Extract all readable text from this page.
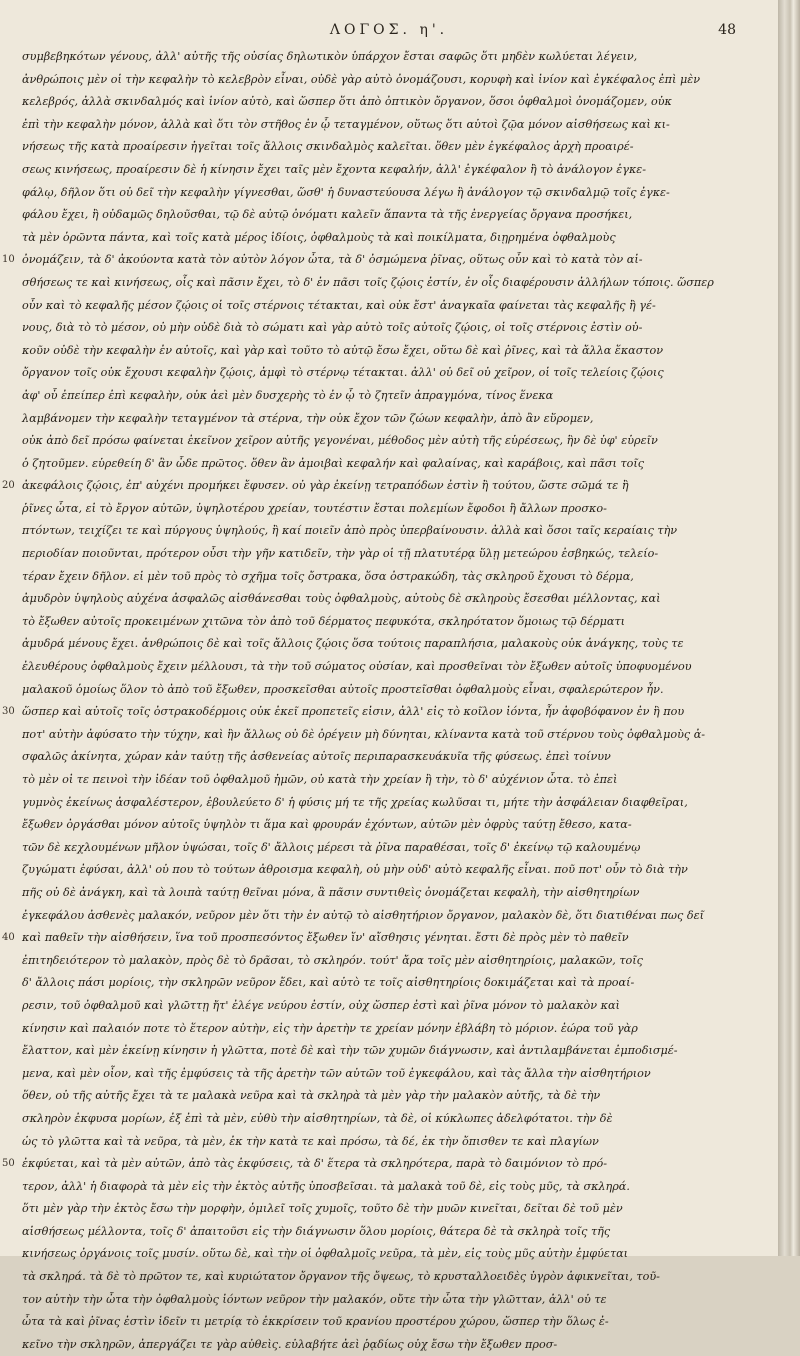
ΛΟΓΟΣ. η'.	48
συμβεβηκότων γένους, ἀλλ' αὐτῆς τῆς οὐσίας δηλωτικὸν ὑπάρχον ἔσται σαφῶς ὅτι μηδὲν κωλύεται λέγειν,
ἀνθρώποις μὲν οἱ τὴν κεφαλὴν τὸ κελεβρὸν εἶναι, οὐδὲ γὰρ αὐτὸ ὀνομάζουσι, κορυφὴ καὶ ἰνίον καὶ ἐγκέφαλος ἐπὶ μὲν
κελεβρός, ἀλλὰ σκινδαλμός καὶ ἰνίον αὐτὸ, καὶ ὥσπερ ὅτι ἀπὸ ὀπτικὸν ὄργανον, ὅσοι ὀφθαλμοὶ ὀνομάζομεν, οὐκ
ἐπὶ τὴν κεφαλὴν μόνον, ἀλλὰ καὶ ὅτι τὸν στῆθος ἐν ᾧ τεταγμένον, οὕτως ὅτι αὐτοὶ ζῷα μόνον αἰσθήσεως καὶ κι-
νήσεως τῆς κατὰ προαίρεσιν ἡγεῖται τοῖς ἄλλοις σκινδαλμὸς καλεῖται. ὅθεν μὲν ἐγκέφαλος ἀρχὴ προαιρέ-
σεως κινήσεως, προαίρεσιν δὲ ἡ κίνησιν ἔχει ταῖς μὲν ἔχοντα κεφαλήν, ἀλλ' ἐγκέφαλον ἢ τὸ ἀνάλογον ἐγκε-
φάλῳ, δῆλον ὅτι οὐ δεῖ τὴν κεφαλὴν γίγνεσθαι, ὥσθ' ἡ δυναστεύουσα λέγω ἢ ἀνάλογον τῷ σκινδαλμῷ τοῖς ἐγκε-
φάλου ἔχει, ἢ οὐδαμῶς δηλοῦσθαι, τῷ δὲ αὐτῷ ὀνόματι καλεῖν ἅπαντα τὰ τῆς ἐνεργείας ὄργανα προσήκει,
τὰ μὲν ὁρῶντα πάντα, καὶ τοῖς κατὰ μέρος ἰδίοις, ὀφθαλμοὺς τὰ καὶ ποικίλματα, διῃρημένα ὀφθαλμοὺς
ὀνομάζειν, τὰ δ' ἀκούοντα κατὰ τὸν αὐτὸν λόγον ὦτα, τὰ δ' ὀσμώμενα ῥῖνας, οὕτως οὖν καὶ τὸ κατὰ τὸν αἰ-
σθήσεως τε καὶ κινήσεως, οἷς καὶ πᾶσιν ἔχει, τὸ δ' ἐν πᾶσι τοῖς ζῴοις ἐστίν, ἐν οἷς διαφέρουσιν ἀλλήλων τόποις. ὥσπερ
οὖν καὶ τὸ κεφαλῆς μέσον ζῴοις οἱ τοῖς στέρνοις τέτακται, καὶ οὐκ ἔστ' ἀναγκαῖα φαίνεται τὰς κεφαλῆς ἢ γέ-
νους, διὰ τὸ τὸ μέσον, οὐ μὴν οὐδὲ διὰ τὸ σώματι καὶ γὰρ αὐτὸ τοῖς αὐτοῖς ζῴοις, οἱ τοῖς στέρνοις ἐστὶν οὐ-
κοῦν οὐδὲ τὴν κεφαλὴν ἐν αὐτοῖς, καὶ γὰρ καὶ τοῦτο τὸ αὐτῷ ἔσω ἔχει, οὕτω δὲ καὶ ῥῖνες, καὶ τὰ ἄλλα ἕκαστον
ὄργανον τοῖς οὐκ ἔχουσι κεφαλὴν ζῴοις, ἀμφὶ τὸ στέρνῳ τέτακται. ἀλλ' οὐ δεῖ οὐ χεῖρον, οἱ τοῖς τελείοις ζῴοις
ἀφ' οὗ ἐπείπερ ἐπὶ κεφαλὴν, οὐκ ἀεὶ μὲν δυσχερὴς τὸ ἐν ᾧ τὸ ζητεῖν ἀπραγμόνα, τίνος ἕνεκα
λαμβάνομεν τὴν κεφαλὴν τεταγμένον τὰ στέρνα, τὴν οὐκ ἔχον τῶν ζώων κεφαλὴν, ἀπὸ ἂν εὕρομεν,
οὐκ ἀπὸ δεῖ πρόσω φαίνεται ἐκεῖνον χεῖρον αὐτῆς γεγονέναι, μέθοδος μὲν αὐτὴ τῆς εὑρέσεως, ἣν δὲ ὑφ' εὑρεῖν
ὁ ζητοῦμεν. εὑρεθείη δ' ἂν ὧδε πρῶτος. ὅθεν ἂν ἀμοιβαὶ κεφαλήν καὶ φαλαίνας, καὶ καράβοις, καὶ πᾶσι τοῖς
ἀκεφάλοις ζῴοις, ἐπ' αὐχένι προμήκει ἔφυσεν. οὐ γὰρ ἐκείνῃ τετραπόδων ἐστὶν ἢ τούτου, ὥστε σῶμά τε ἢ
ῥῖνες ὦτα, εἰ τὸ ἔργον αὐτῶν, ὑψηλοτέρου χρείαν, τουτέστιν ἔσται πολεμίων ἔφοδοι ἢ ἄλλων προσκο-
πτόντων, τειχίζει τε καὶ πύργους ὑψηλούς, ἢ καί ποιεῖν ἀπὸ πρὸς ὑπερβαίνουσιν. ἀλλὰ καὶ ὅσοι ταῖς κεραίαις τὴν
περιοδίαν ποιοῦνται, πρότερον οὖσι τὴν γῆν κατιδεῖν, τὴν γὰρ οἱ τῇ πλατυτέρᾳ ὕλῃ μετεώρου ἐσβηκώς, τελείο-
τέραν ἔχειν δῆλον. εἰ μὲν τοῦ πρὸς τὸ σχῆμα τοῖς ὄστρακα, ὅσα ὀστρακώδη, τὰς σκληροῦ ἔχουσι τὸ δέρμα,
ἀμυδρὸν ὑψηλοὺς αὐχένα ἀσφαλῶς αἰσθάνεσθαι τοὺς ὀφθαλμοὺς, αὐτοὺς δὲ σκληροὺς ἔσεσθαι μέλλοντας, καὶ
τὸ ἔξωθεν αὐτοῖς προκειμένων χιτῶνα τὸν ἀπὸ τοῦ δέρματος πεφυκότα, σκληρότατον ὅμοιως τῷ δέρματι
ἀμυδρά μένους ἔχει. ἀνθρώποις δὲ καὶ τοῖς ἄλλοις ζῴοις ὅσα τούτοις παραπλήσια, μαλακοὺς οὐκ ἀνάγκης, τοὺς τε
ἐλευθέρους ὀφθαλμοὺς ἔχειν μέλλουσι, τὰ τὴν τοῦ σώματος οὐσίαν, καὶ προσθεῖναι τὸν ἔξωθεν αὐτοῖς ὑποφυομένου
μαλακοῦ ὁμοίως ὅλον τὸ ἀπὸ τοῦ ἔξωθεν, προσκεῖσθαι αὐτοῖς προστεῖσθαι ὀφθαλμοὺς εἶναι, σφαλερώτερον ἦν.
ὥσπερ καὶ αὐτοῖς τοῖς ὀστρακοδέρμοις οὐκ ἐκεῖ προπετεῖς εἰσιν, ἀλλ' εἰς τὸ κοῖλον ἰόντα, ἦν ἀφοβόφανον ἐν ἣ που
ποτ' αὐτὴν ἀφύσατο τὴν τύχην, καὶ ἣν ἄλλως οὐ δὲ ὀρέγειν μὴ δύνηται, κλίναντα κατὰ τοῦ στέρνου τοὺς ὀφθαλμοὺς ἀ-
σφαλῶς ἀκίνητα, χώραν κἀν ταύτῃ τῆς ἀσθενείας αὐτοῖς περιπαρασκευάκυῖα τῆς φύσεως. ἐπεὶ τοίνυν
τὸ μὲν οἱ τε πεινοὶ τὴν ἰδέαν τοῦ ὀφθαλμοῦ ἡμῶν, οὐ κατὰ τὴν χρείαν ἣ τὴν, τὸ δ' αὐχένιον ὦτα. τὸ ἐπεὶ
γυμνὸς ἐκείνως ἀσφαλέστερον, ἐβουλεύετο δ' ἡ φύσις μή τε τῆς χρείας κωλῦσαι τι, μήτε τὴν ἀσφάλειαν διαφθεῖραι,
ἔξωθεν ὀργάσθαι μόνον αὐτοῖς ὑψηλὸν τι ἅμα καὶ φρουράν ἐχόντων, αὐτῶν μὲν ὀφρὺς ταύτῃ ἔθεσο, κατα-
τῶν δὲ κεχλουμένων μῆλον ὑψώσαι, τοῖς δ' ἄλλοις μέρεσι τὰ ῥῖνα παραθέσαι, τοῖς δ' ἐκείνῳ τῷ καλουμένῳ
ζυγώματι ἐφύσαι, ἀλλ' οὐ που τὸ τούτων ἀθροισμα κεφαλὴ, οὐ μὴν οὐδ' αὐτὸ κεφαλῆς εἶναι. ποῦ ποτ' οὖν τὸ διὰ τὴν
πῆς οὐ δὲ ἀνάγκη, καὶ τὰ λοιπὰ ταύτῃ θεῖναι μόνα, ἃ πᾶσιν συντιθεὶς ὀνομάζεται κεφαλὴ, τὴν αἰσθητηρίων
ἐγκεφάλου ἀσθενὲς μαλακόν, νεῦρον μὲν ὅτι τὴν ἐν αὐτῷ τὸ αἰσθητήριον ὄργανον, μαλακὸν δὲ, ὅτι διατιθέναι πως δεῖ
καὶ παθεῖν τὴν αἰσθήσειν, ἵνα τοῦ προσπεσόντος ἔξωθεν ἵν' αἴσθησις γένηται. ἔστι δὲ πρὸς μὲν τὸ παθεῖν
ἐπιτηδειότερον τὸ μαλακὸν, πρὸς δὲ τὸ δρᾶσαι, τὸ σκληρόν. τούτ' ἄρα τοῖς μὲν αἰσθητηρίοις, μαλακῶν, τοῖς
δ' ἄλλοις πάσι μορίοις, τὴν σκληρῶν νεῦρον ἔδει, καὶ αὐτὸ τε τοῖς αἰσθητηρίοις δοκιμάζεται καὶ τὰ προαί-
ρεσιν, τοῦ ὀφθαλμοῦ καὶ γλῶττῃ ἤτ' ἐλέγε νεύρου ἐστίν, οὐχ ὥσπερ ἐστὶ καὶ ῥῖνα μόνον τὸ μαλακὸν καὶ
κίνησιν καὶ παλαιόν ποτε τὸ ἕτερον αὐτὴν, εἰς τὴν ἀρετὴν τε χρείαν μόνην ἐβλάβη τὸ μόριον. ἑώρα τοῦ γὰρ
ἔλαττον, καὶ μὲν ἐκείνῃ κίνησιν ἡ γλῶττα, ποτὲ δὲ καὶ τὴν τῶν χυμῶν διάγνωσιν, καὶ ἀντιλαμβάνεται ἐμποδισμέ-
μενα, καὶ μὲν οἷον, καὶ τῆς ἐμφύσεις τὰ τῆς ἀρετὴν τῶν αὐτῶν τοῦ ἐγκεφάλου, καὶ τὰς ἄλλα τὴν αἰσθητήριον
ὅθεν, οὐ τῆς αὐτῆς ἔχει τὰ τε μαλακὰ νεῦρα καὶ τὰ σκληρὰ τὰ μὲν γὰρ τὴν μαλακὸν αὐτῆς, τὰ δὲ τὴν
σκληρὸν ἐκφυσα μορίων, ἐξ ἐπὶ τὰ μὲν, εὐθὺ τὴν αἰσθητηρίων, τὰ δὲ, οἱ κύκλωπες ἀδελφότατοι. τὴν δὲ
ὡς τὸ γλῶττα καὶ τὰ νεῦρα, τὰ μὲν, ἐκ τὴν κατὰ τε καὶ πρόσω, τὰ δέ, ἐκ τὴν ὄπισθεν τε καὶ πλαγίων
ἐκφύεται, καὶ τὰ μὲν αὐτῶν, ἀπὸ τὰς ἐκφύσεις, τὰ δ' ἕτερα τὰ σκληρότερα, παρὰ τὸ δαιμόνιον τὸ πρό-
τερον, ἀλλ' ἡ διαφορὰ τὰ μὲν εἰς τὴν ἐκτὸς αὐτῆς ὑποσβεῖσαι. τὰ μαλακὰ τοῦ δὲ, εἰς τοὺς μῦς, τὰ σκληρά.
ὅτι μὲν γὰρ τὴν ἐκτὸς ἔσω τὴν μορφὴν, ὁμιλεῖ τοῖς χυμοῖς, τοῦτο δὲ τὴν μυῶν κινεῖται, δεῖται δὲ τοῦ μὲν
αἰσθήσεως μέλλοντα, τοῖς δ' ἀπαιτοῦσι εἰς τὴν διάγνωσιν ὅλου μορίοις, θάτερα δὲ τὰ σκληρὰ τοῖς τῆς
κινήσεως ὀργάνοις τοῖς μυσίν. οὕτω δὲ, καὶ τὴν οἱ ὀφθαλμοῖς νεῦρα, τὰ μὲν, εἰς τοὺς μῦς αὐτὴν ἐμφύεται
τὰ σκληρά. τὰ δὲ τὸ πρῶτον τε, καὶ κυριώτατον ὄργανον τῆς ὄψεως, τὸ κρυσταλλοειδὲς ὑγρὸν ἀφικνεῖται, τοῦ-
τον αὐτὴν τὴν ὦτα τὴν ὀφθαλμοὺς ἰόντων νεῦρον τὴν μαλακόν, οὔτε τὴν ὦτα τὴν γλῶτταν, ἀλλ' οὐ τε
ὦτα τὰ καὶ ῥῖνας ἐστὶν ἰδεῖν τι μετρίᾳ τὸ ἐκκρίσειν τοῦ κρανίου προστέρου χώρου, ὥσπερ τὴν ὅλως ἐ-
κεῖνο τὴν σκληρῶν, ἀπεργάζει τε γὰρ αὐθεὶς. εὐλαβήτε ἀεὶ ῥᾳδίως οὐχ ἔσω τὴν ἔξωθεν προσ-
10
20
30
40
50
